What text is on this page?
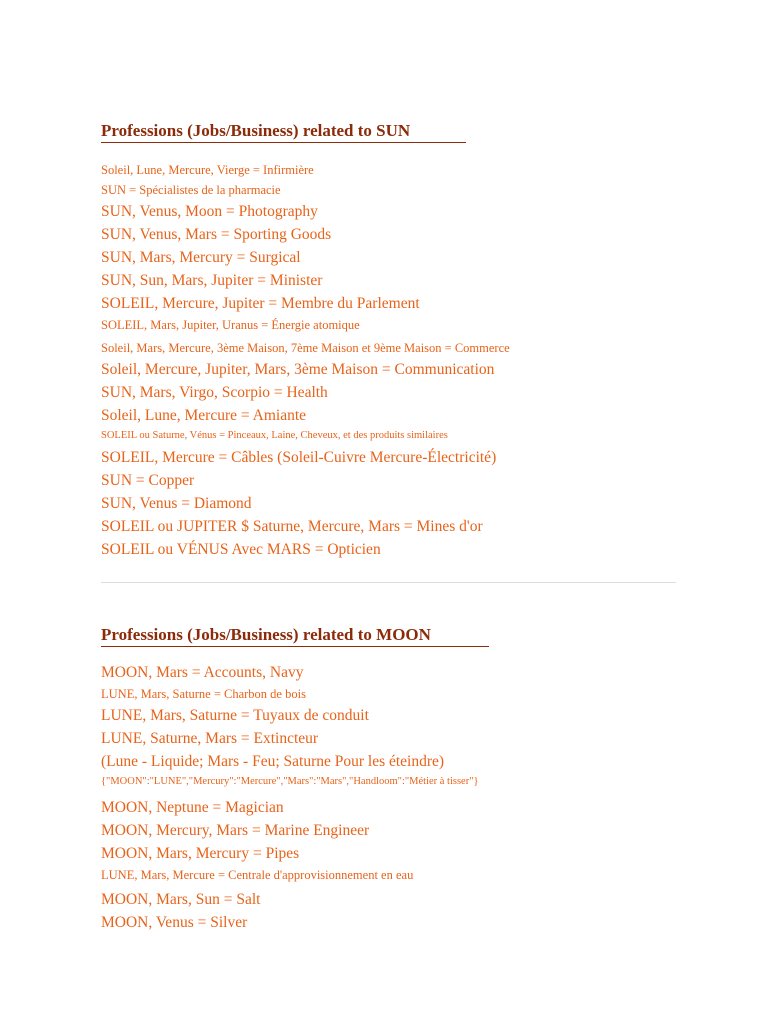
Professions (Jobs/Business) related to SUN
Soleil, Lune, Mercure, Vierge = Infirmière
SUN = Spécialistes de la pharmacie
SUN, Venus, Moon = Photography
SUN, Venus, Mars = Sporting Goods
SUN, Mars, Mercury = Surgical
SUN, Sun, Mars, Jupiter = Minister
SOLEIL, Mercure, Jupiter = Membre du Parlement
SOLEIL, Mars, Jupiter, Uranus = Énergie atomique
Soleil, Mars, Mercure, 3ème Maison, 7ème Maison et 9ème Maison = Commerce
Soleil, Mercure, Jupiter, Mars, 3ème Maison = Communication
SUN, Mars, Virgo, Scorpio = Health
Soleil, Lune, Mercure = Amiante
SOLEIL ou Saturne, Vénus = Pinceaux, Laine, Cheveux, et des produits similaires
SOLEIL, Mercure = Câbles (Soleil-Cuivre Mercure-Électricité)
SUN = Copper
SUN, Venus = Diamond
SOLEIL ou JUPITER $ Saturne, Mercure, Mars = Mines d'or
SOLEIL ou VÉNUS Avec MARS = Opticien
Professions (Jobs/Business) related to MOON
MOON, Mars = Accounts, Navy
LUNE, Mars, Saturne = Charbon de bois
LUNE, Mars, Saturne = Tuyaux de conduit
LUNE, Saturne, Mars = Extincteur
(Lune - Liquide; Mars - Feu; Saturne Pour les éteindre)
{"MOON":"LUNE","Mercury":"Mercure","Mars":"Mars","Handloom":"Métier à tisser"}
MOON, Neptune = Magician
MOON, Mercury, Mars = Marine Engineer
MOON, Mars, Mercury = Pipes
LUNE, Mars, Mercure = Centrale d'approvisionnement en eau
MOON, Mars, Sun = Salt
MOON, Venus = Silver
